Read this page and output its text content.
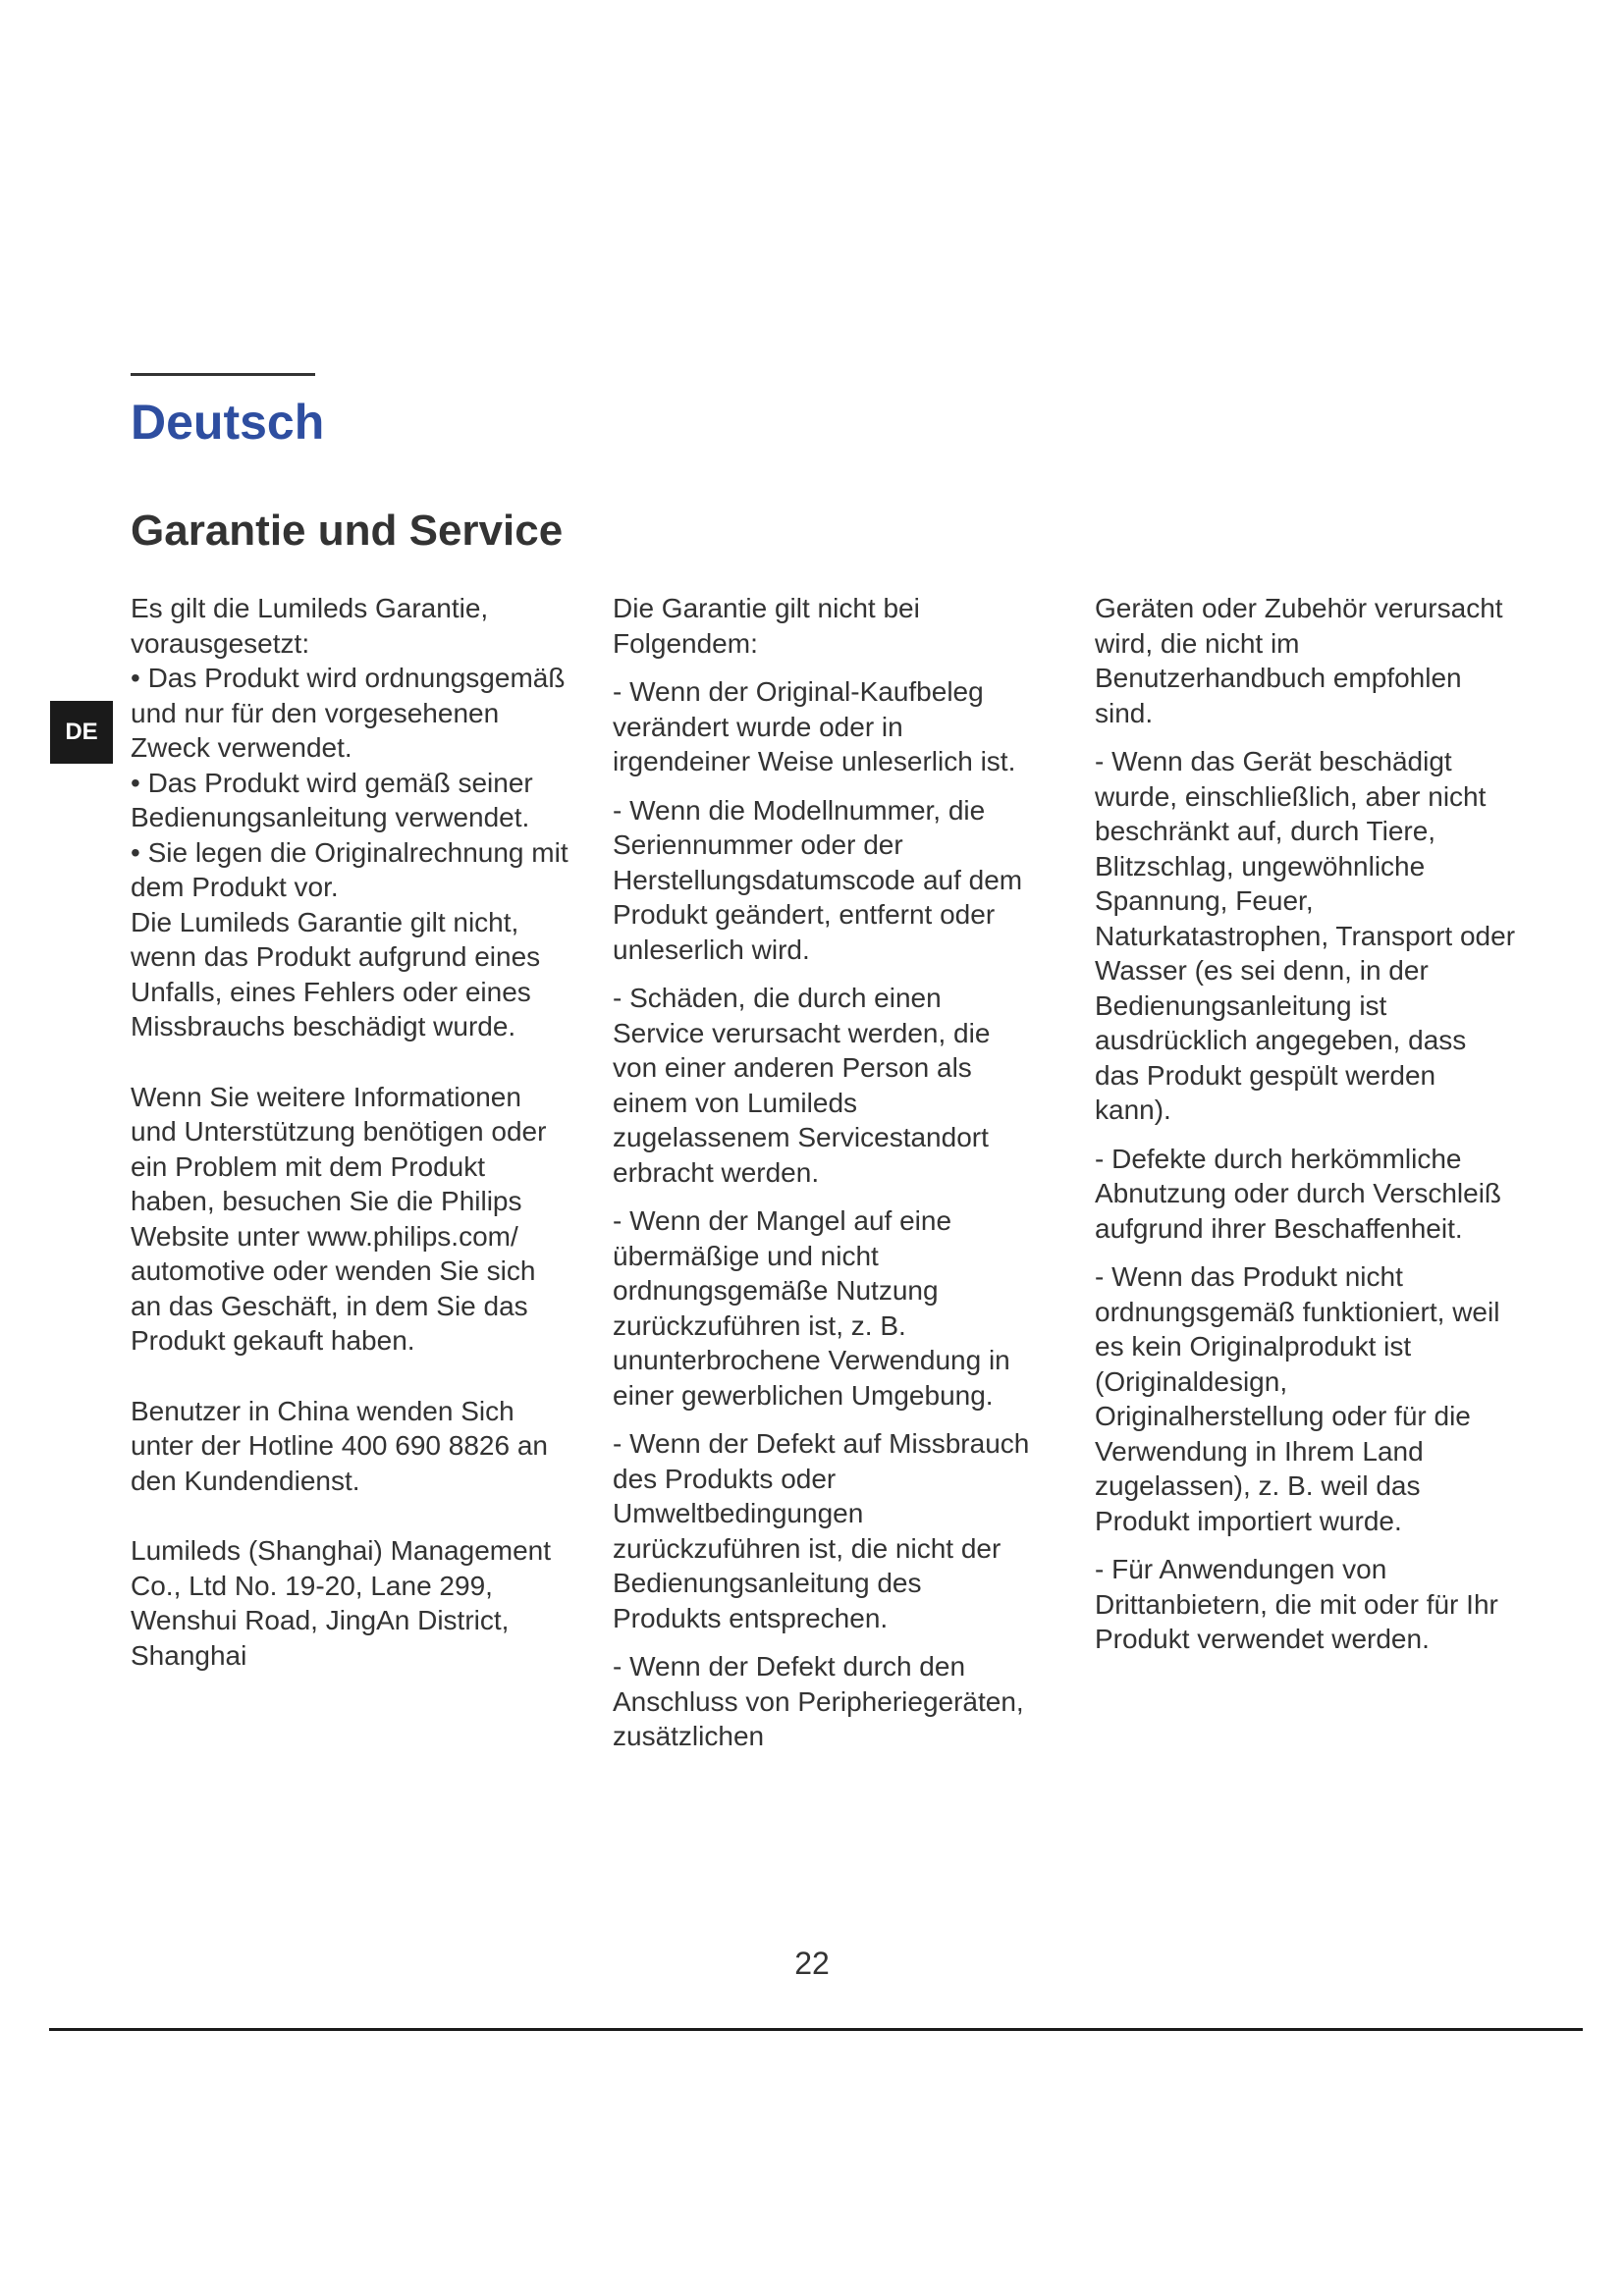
Deutsch
Garantie und Service
DE

Es gilt die Lumileds Garantie, vorausgesetzt:

• Das Produkt wird ordnungsgemäß und nur für den vorgesehenen Zweck verwendet.

• Das Produkt wird gemäß seiner Bedienungsanleitung verwendet.

• Sie legen die Originalrechnung mit dem Produkt vor.

Die Lumileds Garantie gilt nicht, wenn das Produkt aufgrund eines Unfalls, eines Fehlers oder eines Missbrauchs beschädigt wurde.

Wenn Sie weitere Informationen und Unterstützung benötigen oder ein Problem mit dem Produkt haben, besuchen Sie die Philips Website unter www.philips.com/ automotive oder wenden Sie sich an das Geschäft, in dem Sie das Produkt gekauft haben.

Benutzer in China wenden Sich unter der Hotline 400 690 8826 an den Kundendienst.

Lumileds (Shanghai) Management Co., Ltd No. 19-20, Lane 299, Wenshui Road, JingAn District, Shanghai

Die Garantie gilt nicht bei Folgendem:

- Wenn der Original-Kaufbeleg verändert wurde oder in irgendeiner Weise unleserlich ist.

- Wenn die Modellnummer, die Seriennummer oder der Herstellungsdatumscode auf dem Produkt geändert, entfernt oder unleserlich wird.

- Schäden, die durch einen Service verursacht werden, die von einer anderen Person als einem von Lumileds zugelassenem Servicestandort erbracht werden.

- Wenn der Mangel auf eine übermäßige und nicht ordnungsgemäße Nutzung zurückzuführen ist, z. B. ununterbrochene Verwendung in einer gewerblichen Umgebung.

- Wenn der Defekt auf Missbrauch des Produkts oder Umweltbedingungen zurückzuführen ist, die nicht der Bedienungsanleitung des Produkts entsprechen.

- Wenn der Defekt durch den Anschluss von Peripheriegeräten, zusätzlichen

Geräten oder Zubehör verursacht wird, die nicht im Benutzerhandbuch empfohlen sind.

- Wenn das Gerät beschädigt wurde, einschließlich, aber nicht beschränkt auf, durch Tiere, Blitzschlag, ungewöhnliche Spannung, Feuer, Naturkatastrophen, Transport oder Wasser (es sei denn, in der Bedienungsanleitung ist ausdrücklich angegeben, dass das Produkt gespült werden kann).

- Defekte durch herkömmliche Abnutzung oder durch Verschleiß aufgrund ihrer Beschaffenheit.

- Wenn das Produkt nicht ordnungsgemäß funktioniert, weil es kein Originalprodukt ist (Originaldesign, Originalherstellung oder für die Verwendung in Ihrem Land zugelassen), z. B. weil das Produkt importiert wurde.

- Für Anwendungen von Drittanbietern, die mit oder für Ihr Produkt verwendet werden.

22
